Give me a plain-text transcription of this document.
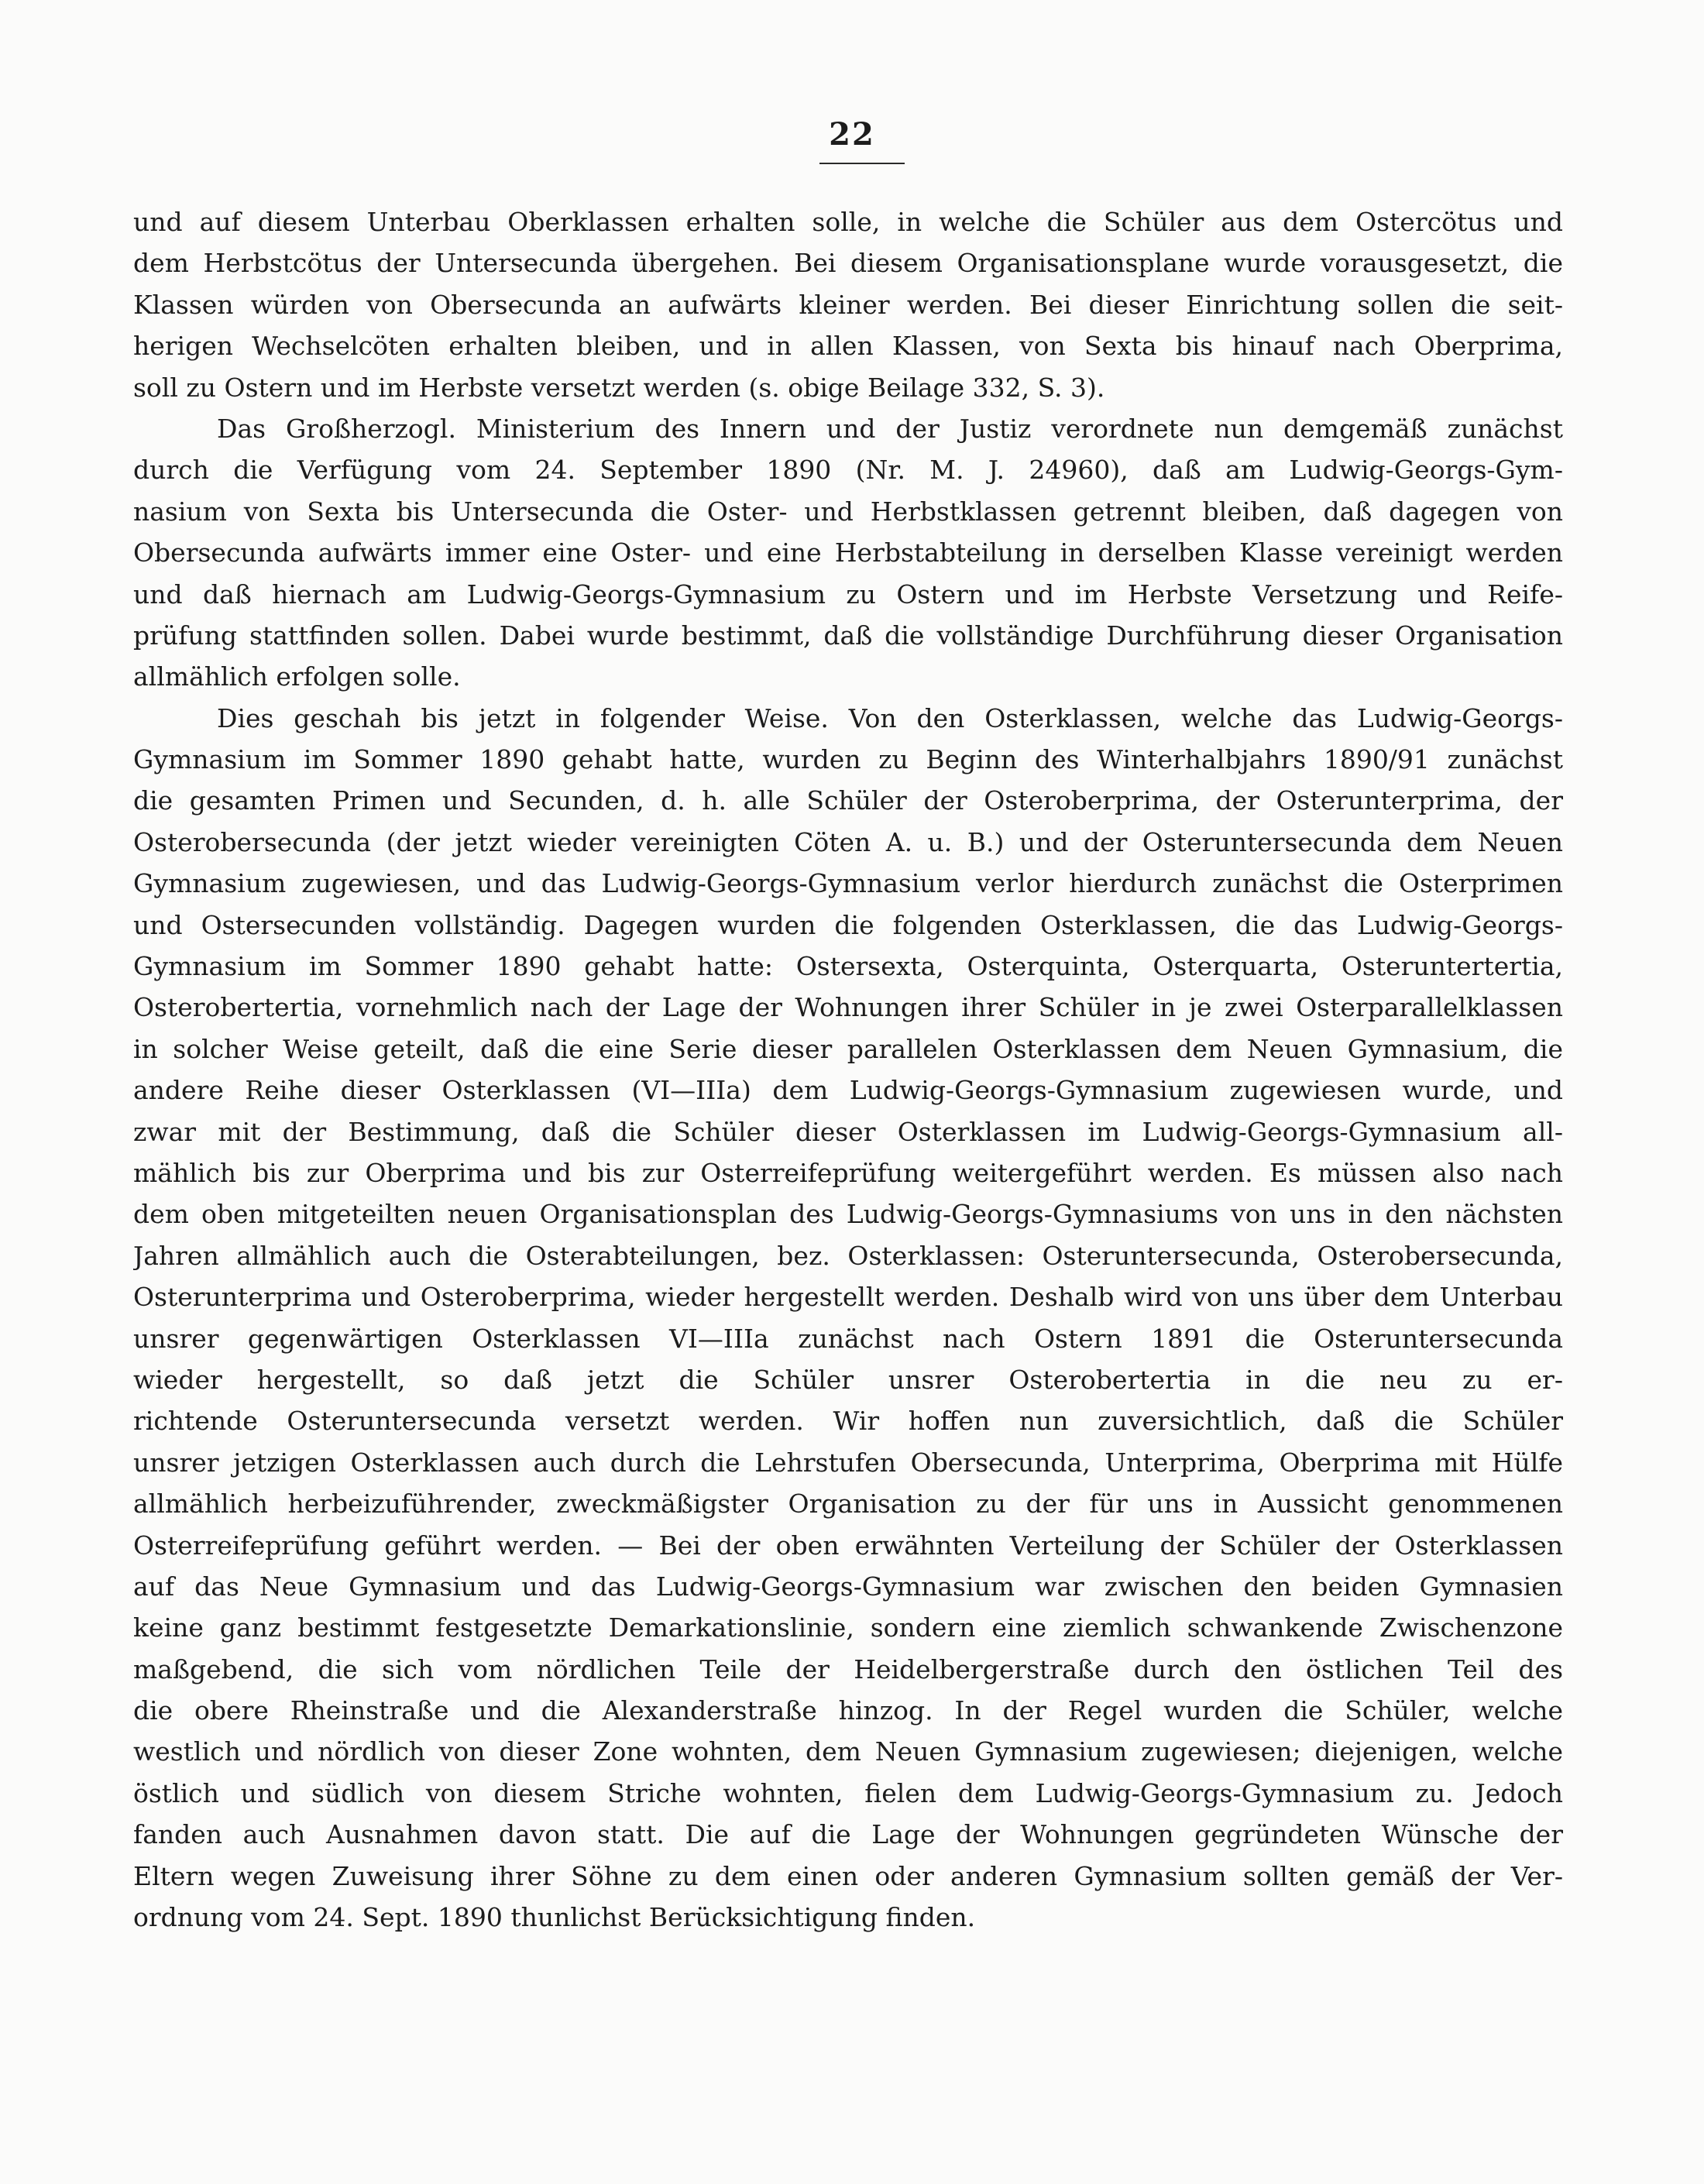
22
und auf diesem Unterbau Oberklassen erhalten solle, in welche die Schüler aus dem Ostercötus und
dem Herbstcötus der Untersecunda übergehen. Bei diesem Organisationsplane wurde vorausgesetzt, die
Klassen würden von Obersecunda an aufwärts kleiner werden. Bei dieser Einrichtung sollen die seit-
herigen Wechselcöten erhalten bleiben, und in allen Klassen, von Sexta bis hinauf nach Oberprima,
soll zu Ostern und im Herbste versetzt werden (s. obige Beilage 332, S. 3).
Das Großherzogl. Ministerium des Innern und der Justiz verordnete nun demgemäß zunächst
durch die Verfügung vom 24. September 1890 (Nr. M. J. 24960), daß am Ludwig-Georgs-Gym-
nasium von Sexta bis Untersecunda die Oster- und Herbstklassen getrennt bleiben, daß dagegen von
Obersecunda aufwärts immer eine Oster- und eine Herbstabteilung in derselben Klasse vereinigt werden
und daß hiernach am Ludwig-Georgs-Gymnasium zu Ostern und im Herbste Versetzung und Reife-
prüfung stattfinden sollen. Dabei wurde bestimmt, daß die vollständige Durchführung dieser Organisation
allmählich erfolgen solle.
Dies geschah bis jetzt in folgender Weise. Von den Osterklassen, welche das Ludwig-Georgs-
Gymnasium im Sommer 1890 gehabt hatte, wurden zu Beginn des Winterhalbjahrs 1890/91 zunächst
die gesamten Primen und Secunden, d. h. alle Schüler der Osteroberprima, der Osterunterprima, der
Osterobersecunda (der jetzt wieder vereinigten Cöten A. u. B.) und der Osteruntersecunda dem Neuen
Gymnasium zugewiesen, und das Ludwig-Georgs-Gymnasium verlor hierdurch zunächst die Osterprimen
und Ostersecunden vollständig. Dagegen wurden die folgenden Osterklassen, die das Ludwig-Georgs-
Gymnasium im Sommer 1890 gehabt hatte: Ostersexta, Osterquinta, Osterquarta, Osteruntertertia,
Osterobertertia, vornehmlich nach der Lage der Wohnungen ihrer Schüler in je zwei Osterparallelklassen
in solcher Weise geteilt, daß die eine Serie dieser parallelen Osterklassen dem Neuen Gymnasium, die
andere Reihe dieser Osterklassen (VI—IIIa) dem Ludwig-Georgs-Gymnasium zugewiesen wurde, und
zwar mit der Bestimmung, daß die Schüler dieser Osterklassen im Ludwig-Georgs-Gymnasium all-
mählich bis zur Oberprima und bis zur Osterreifeprüfung weitergeführt werden. Es müssen also nach
dem oben mitgeteilten neuen Organisationsplan des Ludwig-Georgs-Gymnasiums von uns in den nächsten
Jahren allmählich auch die Osterabteilungen, bez. Osterklassen: Osteruntersecunda, Osterobersecunda,
Osterunterprima und Osteroberprima, wieder hergestellt werden. Deshalb wird von uns über dem Unterbau
unsrer gegenwärtigen Osterklassen VI—IIIa zunächst nach Ostern 1891 die Osteruntersecunda
wieder hergestellt, so daß jetzt die Schüler unsrer Osterobertertia in die neu zu er-
richtende Osteruntersecunda versetzt werden. Wir hoffen nun zuversichtlich, daß die Schüler
unsrer jetzigen Osterklassen auch durch die Lehrstufen Obersecunda, Unterprima, Oberprima mit Hülfe
allmählich herbeizuführender, zweckmäßigster Organisation zu der für uns in Aussicht genommenen
Osterreifeprüfung geführt werden. — Bei der oben erwähnten Verteilung der Schüler der Osterklassen
auf das Neue Gymnasium und das Ludwig-Georgs-Gymnasium war zwischen den beiden Gymnasien
keine ganz bestimmt festgesetzte Demarkationslinie, sondern eine ziemlich schwankende Zwischenzone
maßgebend, die sich vom nördlichen Teile der Heidelbergerstraße durch den östlichen Teil des
die obere Rheinstraße und die Alexanderstraße hinzog. In der Regel wurden die Schüler, welche
westlich und nördlich von dieser Zone wohnten, dem Neuen Gymnasium zugewiesen; diejenigen, welche
östlich und südlich von diesem Striche wohnten, fielen dem Ludwig-Georgs-Gymnasium zu. Jedoch
fanden auch Ausnahmen davon statt. Die auf die Lage der Wohnungen gegründeten Wünsche der
Eltern wegen Zuweisung ihrer Söhne zu dem einen oder anderen Gymnasium sollten gemäß der Ver-
ordnung vom 24. Sept. 1890 thunlichst Berücksichtigung finden.
